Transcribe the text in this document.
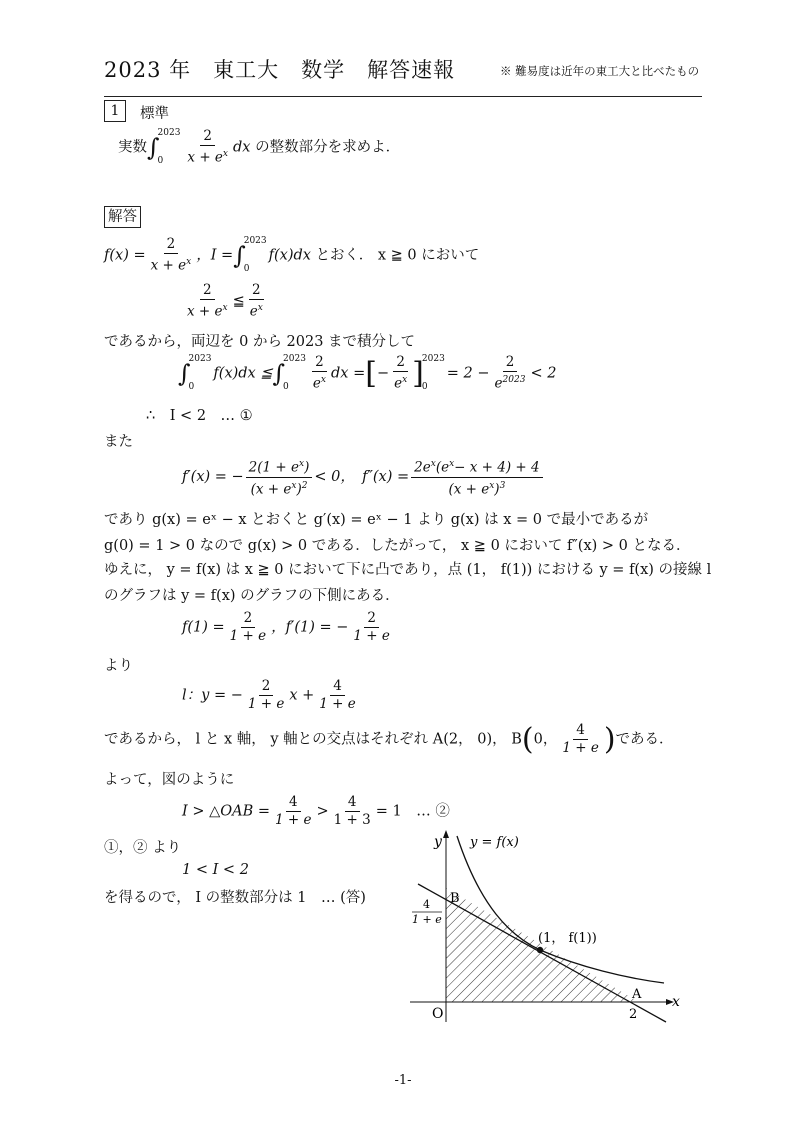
2023 年　東工大　数学　解答速報	※ 難易度は近年の東工大と比べたもの
1	標準
実数∫
2023
0	$\frac{2}{x + e^x}$ dx の整数部分を求めよ．
解答
$f(x) = \frac{2}{x + e^x}$ ，I =∫
2023
0
f(x)dx とおく． x ≧ 0 において
$\frac{2}{x + e^x}$ ≦ $\frac{2}{e^x}$
であるから，両辺を 0 から 2023 まで積分して
∫
2023
0
f(x)dx ≦∫
2023
0	$\frac{2}{e^x}$ dx =[− $\frac{2}{e^x}$ ]
2023
0
= $2 - \frac{2}{e^{2023}} < 2$
∴　I < 2　… ①
また
f′(x) = − $\frac{2(1 + e^x)}{(x + e^x)^2} < 0$，　$f''(x) = \frac{2e^x(e^x- x + 4) + 4}{(x + e^x)^3}$
であり g(x) = eˣ − x とおくと g′(x) = eˣ − 1 より g(x) は x = 0 で最小であるが
g(0) = 1 > 0 なので g(x) > 0 である．したがって， x ≧ 0 において f″(x) > 0 となる．
ゆえに， y = f(x) は x ≧ 0 において下に凸であり，点 (1， f(1)) における y = f(x) の接線 l
のグラフは y = f(x) のグラフの下側にある．
$f(1) = \frac{2}{1 + e}$ ，f′(1) = − $\frac{2}{1 + e}$
より
l：y = − $\frac{2}{1 + e}$ $x + \frac{4}{1 + e}$
であるから， l と x 軸， y 軸との交点はそれぞれ A(2， 0)， B(0， $\frac{4}{1 + e}$ )である．
よって，図のように
I > △OAB = $\frac{4}{1 + e} > \frac{4}{1 + 3} = 1$　… ②
①，② より
1 < I < 2
を得るので， I の整数部分は 1　… (答)
y
x
y = f(x)
(1， f(1))
B
A
O	2
4
1 + e
-1-
